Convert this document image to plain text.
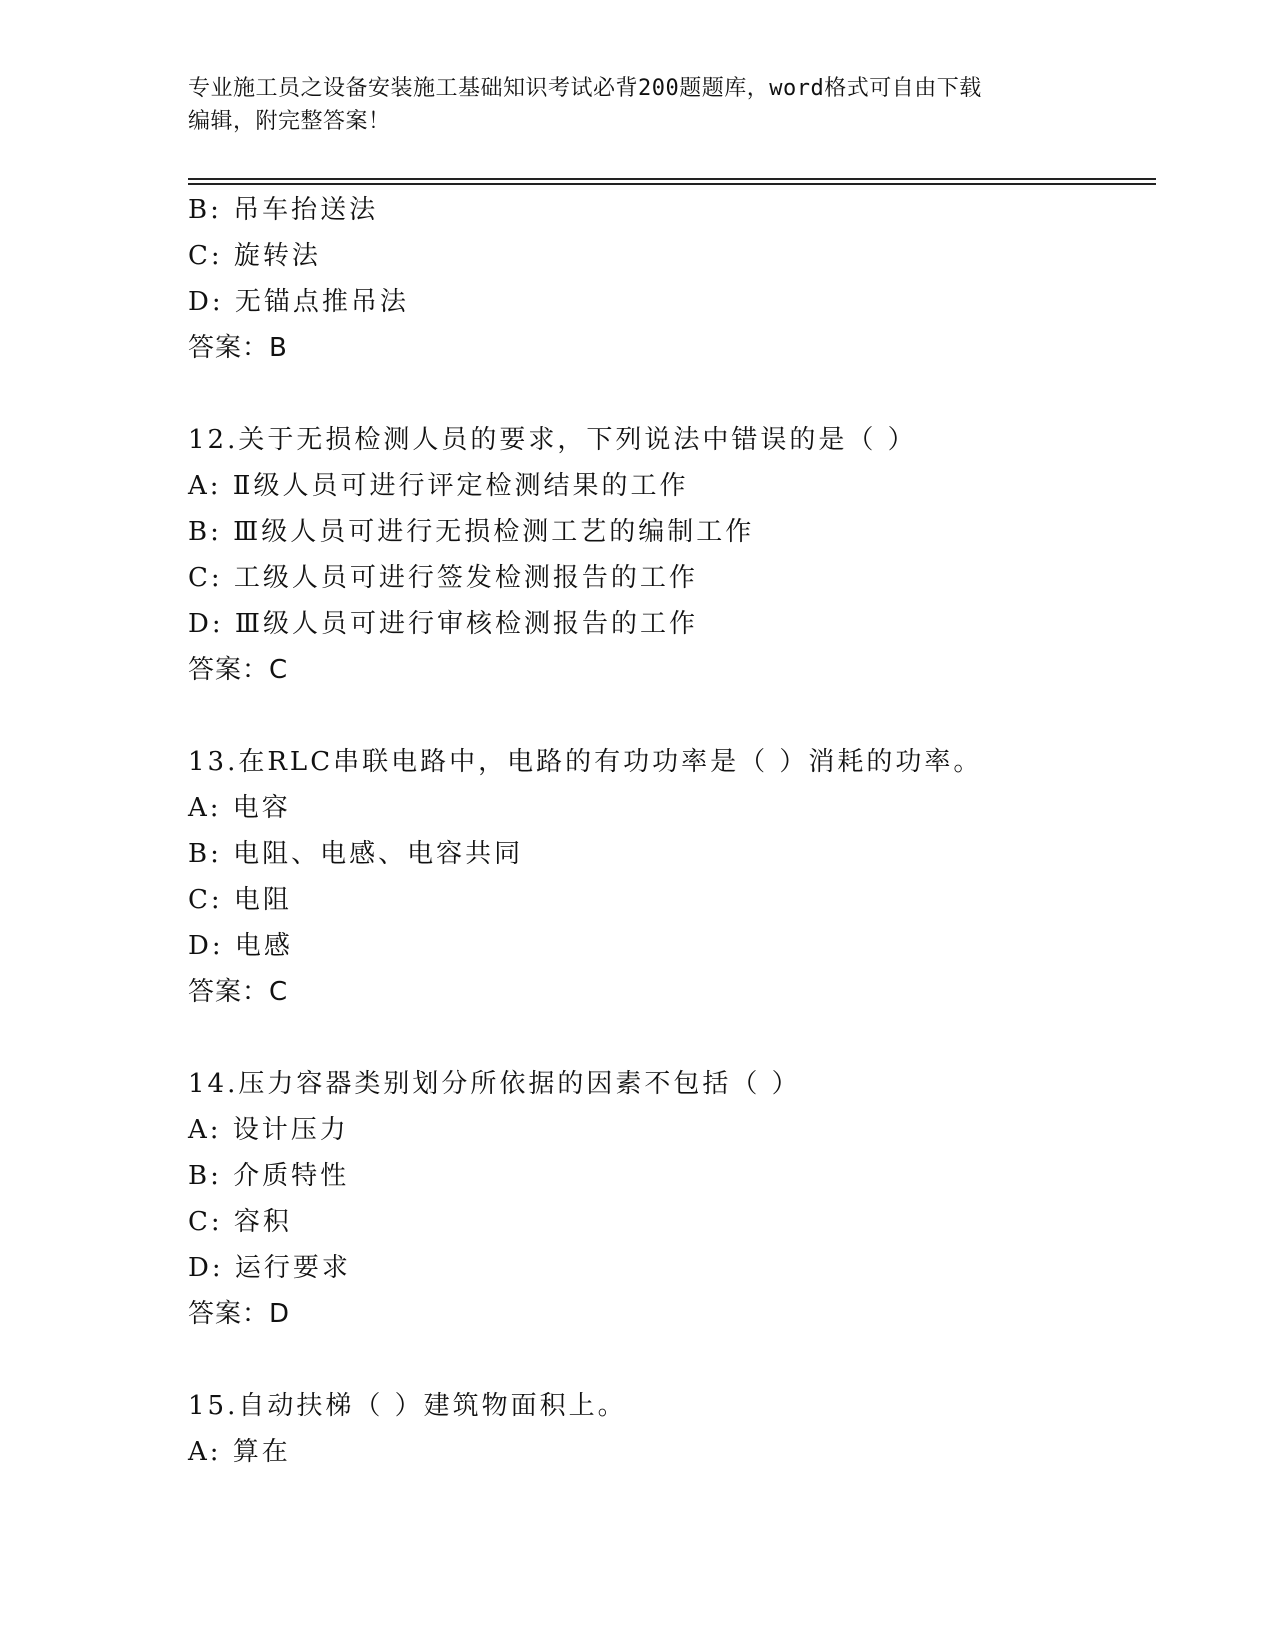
专业施工员之设备安装施工基础知识考试必背200题题库，word格式可自由下载
编辑，附完整答案！
B: 吊车抬送法
C: 旋转法
D: 无锚点推吊法
答案：B
12.关于无损检测人员的要求，下列说法中错误的是（ ）
A: Ⅱ级人员可进行评定检测结果的工作
B: Ⅲ级人员可进行无损检测工艺的编制工作
C: 工级人员可进行签发检测报告的工作
D: Ⅲ级人员可进行审核检测报告的工作
答案：C
13.在RLC串联电路中，电路的有功功率是（ ）消耗的功率。
A: 电容
B: 电阻、电感、电容共同
C: 电阻
D: 电感
答案：C
14.压力容器类别划分所依据的因素不包括（ ）
A: 设计压力
B: 介质特性
C: 容积
D: 运行要求
答案：D
15.自动扶梯（ ）建筑物面积上。
A: 算在
